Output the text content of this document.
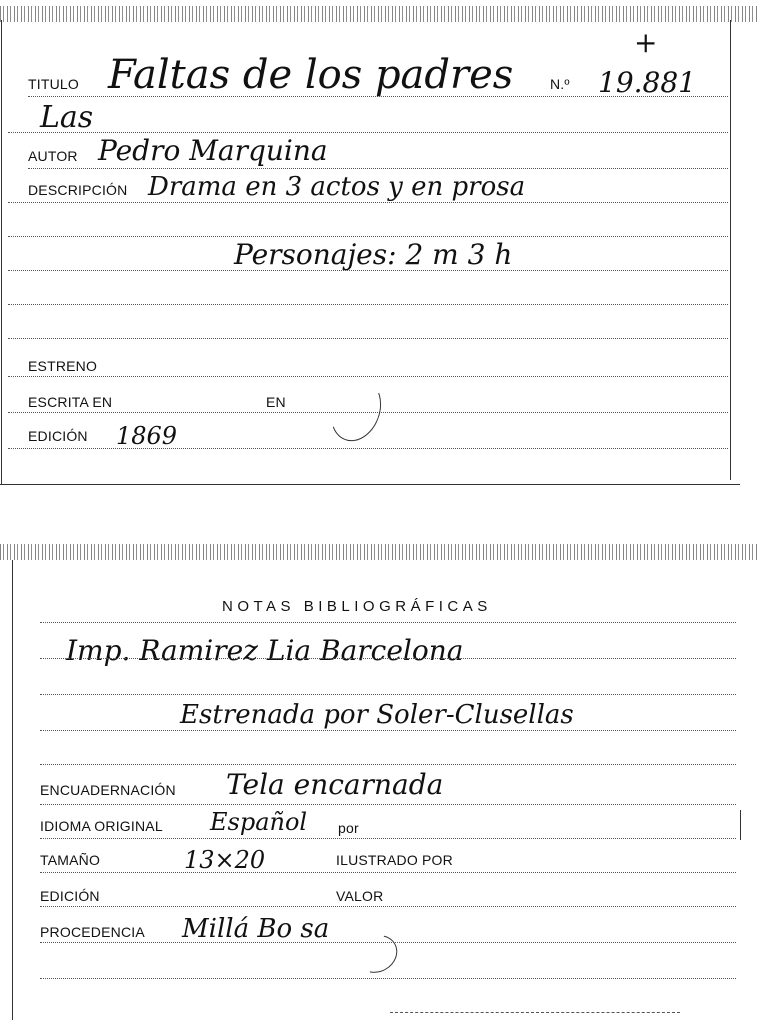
+
TITULO Faltas de los padres	N.º 19.881
Las
AUTOR Pedro Marquina
DESCRIPCIÓN Drama en 3 actos y en prosa
Personajes: 2 m 3 h
ESTRENO
ESCRITA EN	EN
EDICIÓN 1869
NOTAS BIBLIOGRÁFICAS
Imp. Ramirez Lia Barcelona
Estrenada por Soler-Clusellas
ENCUADERNACIÓN Tela encarnada
IDIOMA ORIGINAL Español por
TAMAÑO	13×20	ILUSTRADO POR
EDICIÓN	VALOR
PROCEDENCIA Millá Bo sa
